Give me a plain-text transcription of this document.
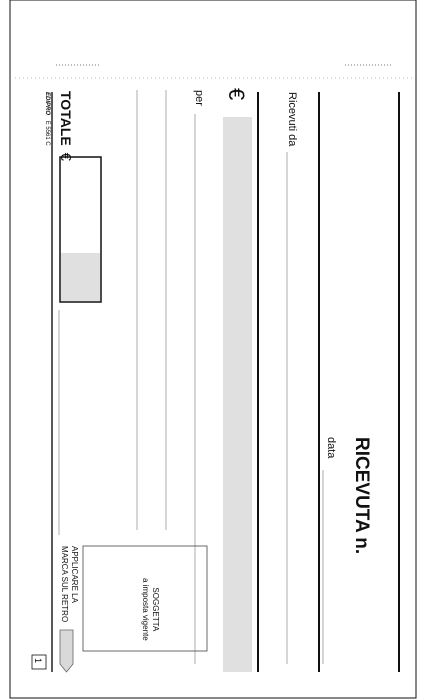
€
RICEVUTA n.
data
Ricevuti da
per
TOTALE €
SOGGETTA
a imposta vigente
APPLICARE LA
MARCA SUL RETRO
EDIPRO E 5561 C
1
